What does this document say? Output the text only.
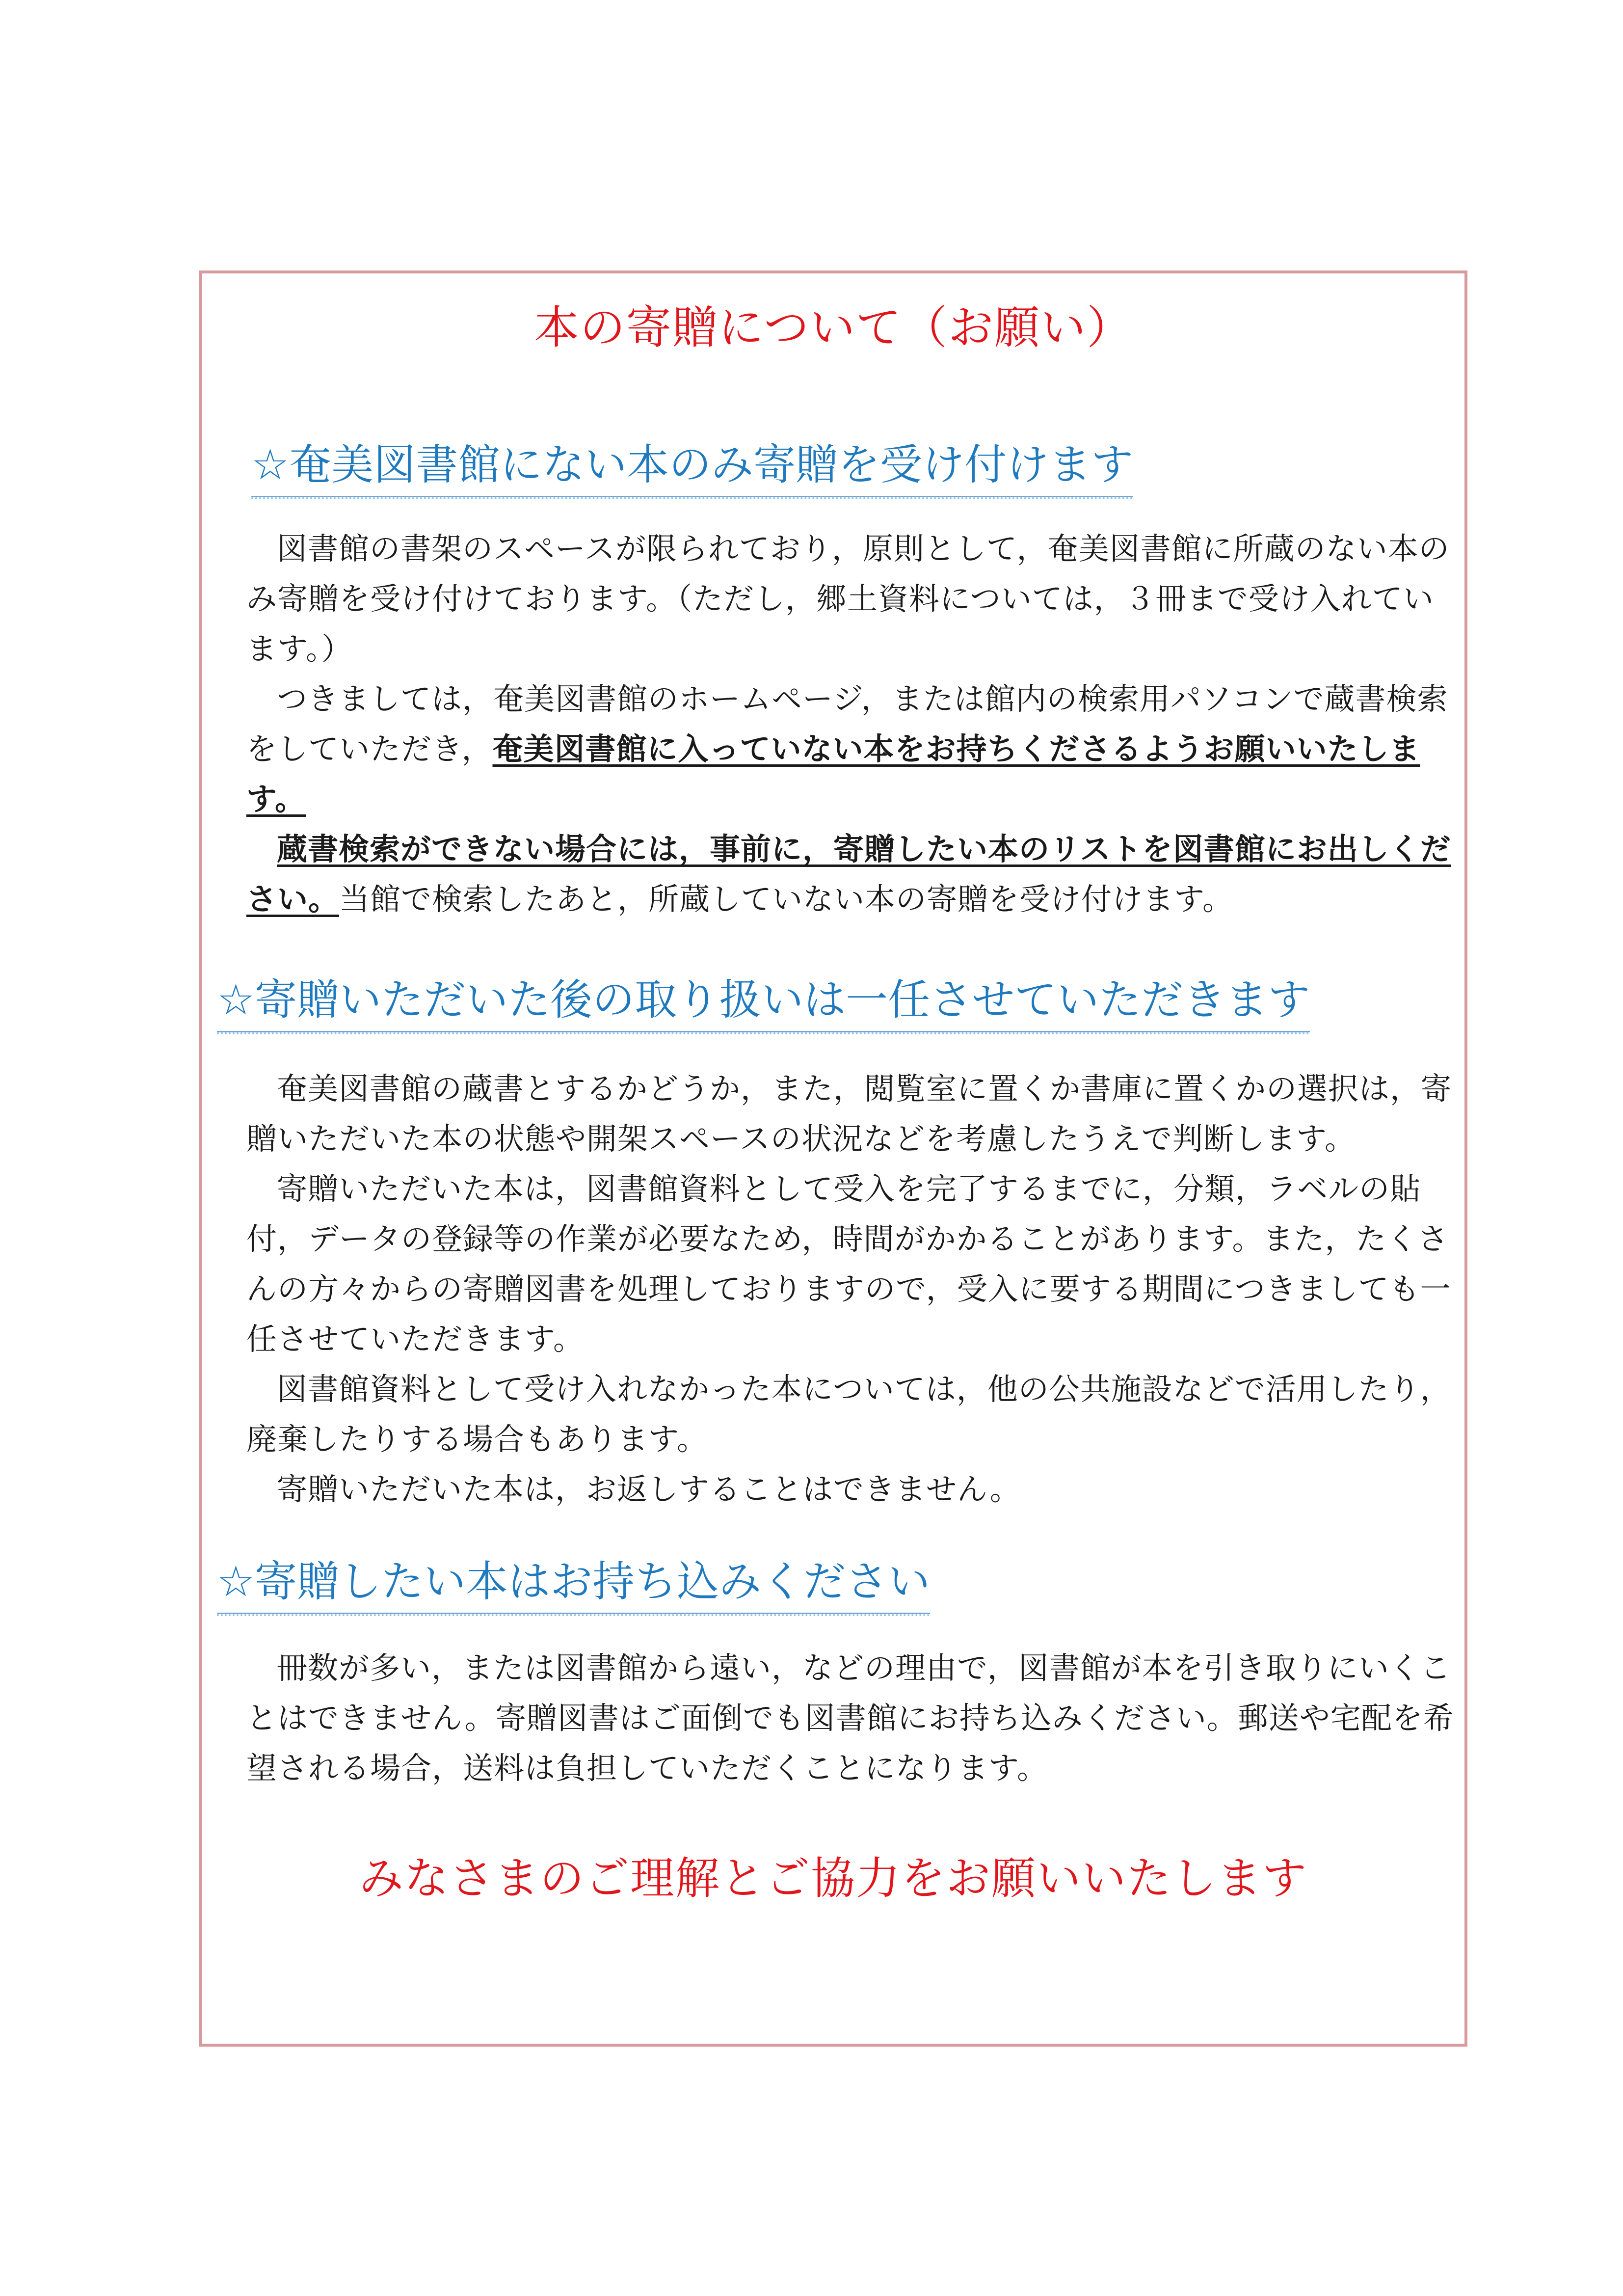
本の寄贈について（お願い）
☆奄美図書館にない本のみ寄贈を受け付けます

図書館の書架のスペースが限られており，原則として，奄美図書館に所蔵のない本のみ寄贈を受け付けております。（ただし，郷土資料については，３冊まで受け入れています。）

つきましては，奄美図書館のホームページ，または館内の検索用パソコンで蔵書検索をしていただき，奄美図書館に入っていない本をお持ちくださるようお願いいたします。

蔵書検索ができない場合には，事前に，寄贈したい本のリストを図書館にお出しください。当館で検索したあと，所蔵していない本の寄贈を受け付けます。

☆寄贈いただいた後の取り扱いは一任させていただきます

奄美図書館の蔵書とするかどうか，また，閲覧室に置くか書庫に置くかの選択は，寄贈いただいた本の状態や開架スペースの状況などを考慮したうえで判断します。

寄贈いただいた本は，図書館資料として受入を完了するまでに，分類，ラベルの貼付，データの登録等の作業が必要なため，時間がかかることがあります。また，たくさんの方々からの寄贈図書を処理しておりますので，受入に要する期間につきましても一任させていただきます。

図書館資料として受け入れなかった本については，他の公共施設などで活用したり，廃棄したりする場合もあります。

寄贈いただいた本は，お返しすることはできません。

☆寄贈したい本はお持ち込みください

冊数が多い，または図書館から遠い，などの理由で，図書館が本を引き取りにいくことはできません。寄贈図書はご面倒でも図書館にお持ち込みください。郵送や宅配を希望される場合，送料は負担していただくことになります。

みなさまのご理解とご協力をお願いいたします
